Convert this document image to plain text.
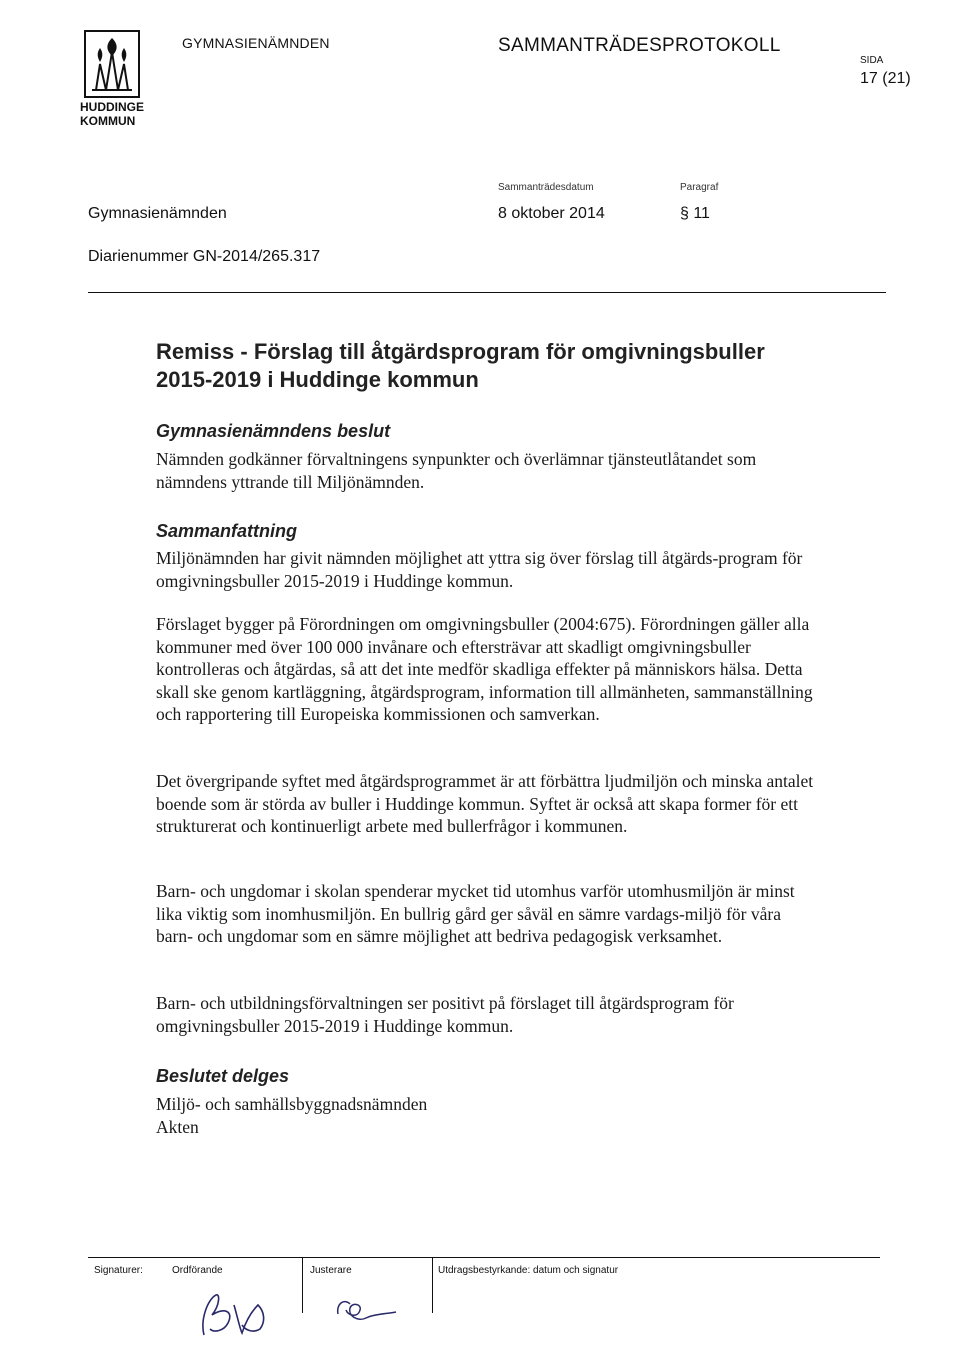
HUDDINGE
KOMMUN
GYMNASIENÄMNDEN	SAMMANTRÄDESPROTOKOLL
SIDA
17 (21)
Sammanträdesdatum	Paragraf
Gymnasienämnden	8 oktober 2014	§ 11
Diarienummer GN-2014/265.317
Remiss - Förslag till åtgärdsprogram för omgivningsbuller
2015-2019 i Huddinge kommun
Gymnasienämndens beslut
Nämnden godkänner förvaltningens synpunkter och överlämnar tjänsteutlåtandet som nämndens yttrande till Miljönämnden.
Sammanfattning
Miljönämnden har givit nämnden möjlighet att yttra sig över förslag till åtgärds-program för omgivningsbuller 2015-2019 i Huddinge kommun.
Förslaget bygger på Förordningen om omgivningsbuller (2004:675). Förordningen gäller alla kommuner med över 100 000 invånare och eftersträvar att skadligt omgivningsbuller kontrolleras och åtgärdas, så att det inte medför skadliga effekter på människors hälsa. Detta skall ske genom kartläggning, åtgärdsprogram, information till allmänheten, sammanställning och rapportering till Europeiska kommissionen och samverkan.
Det övergripande syftet med åtgärdsprogrammet är att förbättra ljudmiljön och minska antalet boende som är störda av buller i Huddinge kommun. Syftet är också att skapa former för ett strukturerat och kontinuerligt arbete med bullerfrågor i kommunen.
Barn- och ungdomar i skolan spenderar mycket tid utomhus varför utomhusmiljön är minst lika viktig som inomhusmiljön. En bullrig gård ger såväl en sämre vardags-miljö för våra barn- och ungdomar som en sämre möjlighet att bedriva pedagogisk verksamhet.
Barn- och utbildningsförvaltningen ser positivt på förslaget till åtgärdsprogram för omgivningsbuller 2015-2019 i Huddinge kommun.
Beslutet delges
Miljö- och samhällsbyggnadsnämnden
Akten
Signaturer:	Ordförande	Justerare	Utdragsbestyrkande: datum och signatur
